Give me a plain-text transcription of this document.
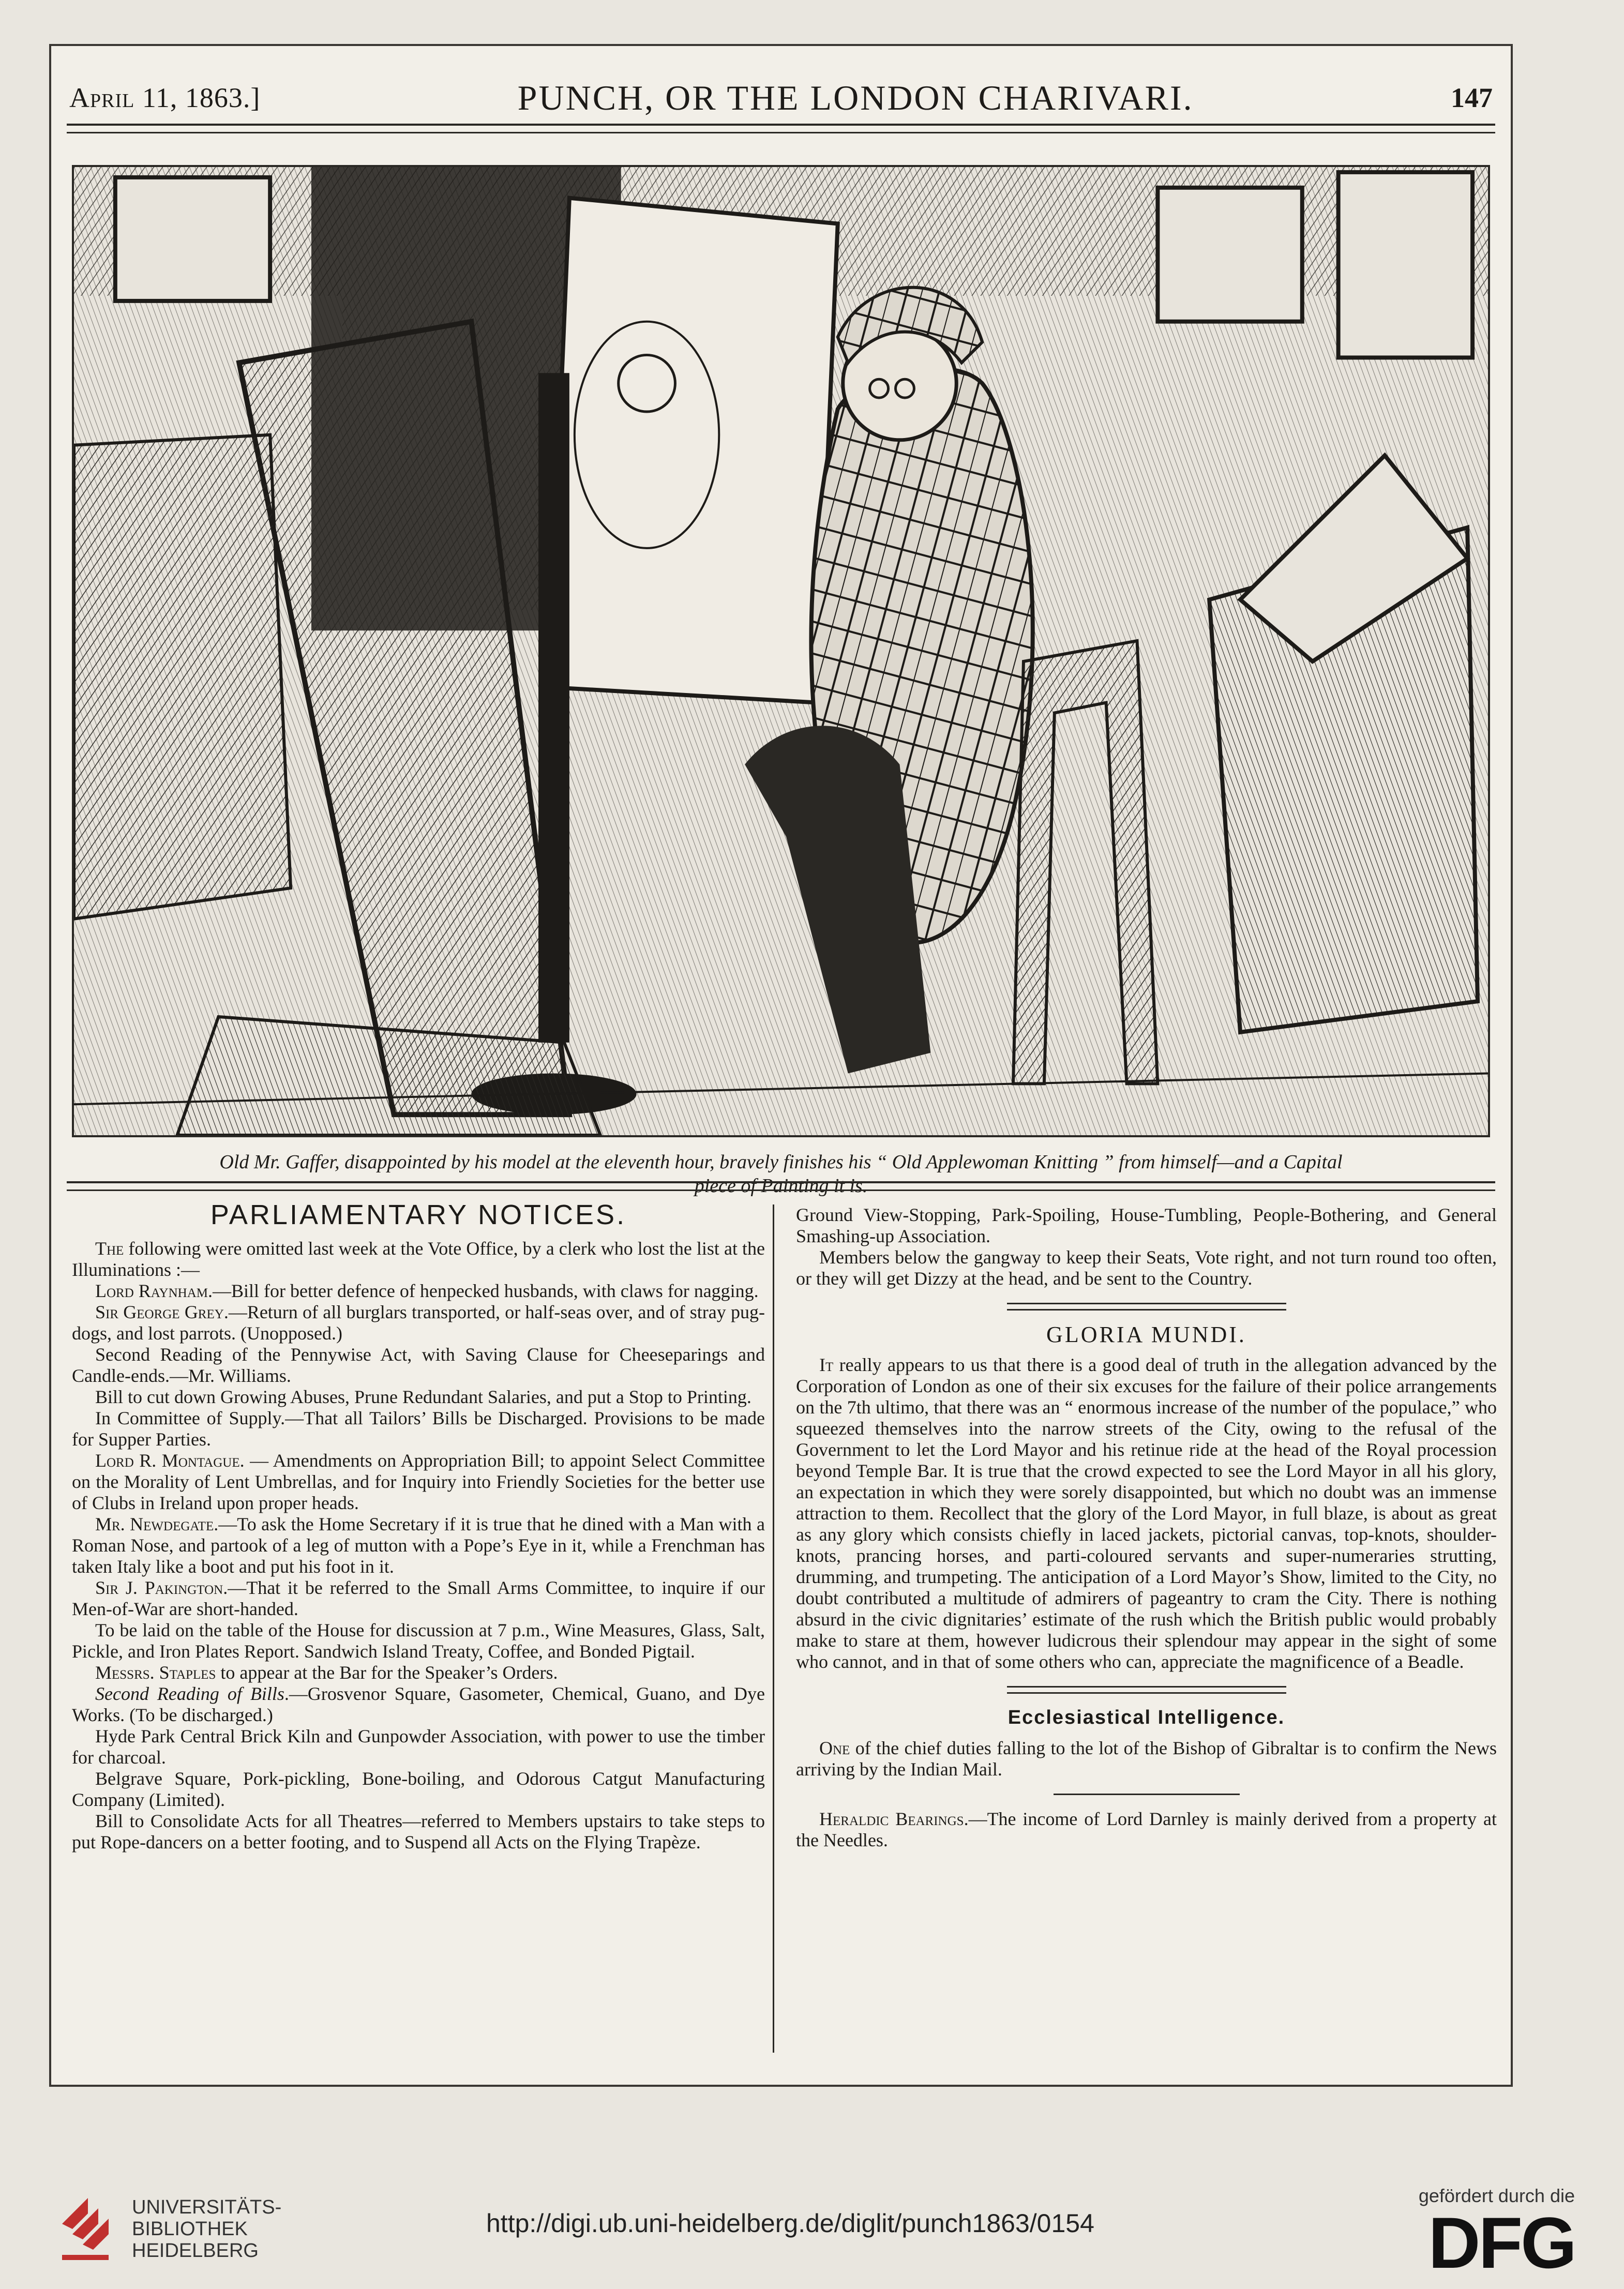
April 11, 1863.]	PUNCH, OR THE LONDON CHARIVARI.	147
Old Mr. Gaffer, disappointed by his model at the eleventh hour, bravely finishes his “ Old Applewoman Knitting ” from himself—and a Capital
piece of Painting it is.
PARLIAMENTARY NOTICES.

The following were omitted last week at the Vote Office, by a clerk who lost the list at the Illuminations :—

Lord Raynham.—Bill for better defence of henpecked husbands, with claws for nagging.

Sir George Grey.—Return of all burglars transported, or half-seas over, and of stray pug-dogs, and lost parrots. (Unopposed.)

Second Reading of the Pennywise Act, with Saving Clause for Cheeseparings and Candle-ends.—Mr. Williams.

Bill to cut down Growing Abuses, Prune Redundant Salaries, and put a Stop to Printing.

In Committee of Supply.—That all Tailors’ Bills be Discharged. Provisions to be made for Supper Parties.

Lord R. Montague. — Amendments on Appropriation Bill; to appoint Select Committee on the Morality of Lent Umbrellas, and for Inquiry into Friendly Societies for the better use of Clubs in Ireland upon proper heads.

Mr. Newdegate.—To ask the Home Secretary if it is true that he dined with a Man with a Roman Nose, and partook of a leg of mutton with a Pope’s Eye in it, while a Frenchman has taken Italy like a boot and put his foot in it.

Sir J. Pakington.—That it be referred to the Small Arms Committee, to inquire if our Men-of-War are short-handed.

To be laid on the table of the House for discussion at 7 p.m., Wine Measures, Glass, Salt, Pickle, and Iron Plates Report. Sandwich Island Treaty, Coffee, and Bonded Pigtail.

Messrs. Staples to appear at the Bar for the Speaker’s Orders.

Second Reading of Bills.—Grosvenor Square, Gasometer, Chemical, Guano, and Dye Works. (To be discharged.)

Hyde Park Central Brick Kiln and Gunpowder Association, with power to use the timber for charcoal.

Belgrave Square, Pork-pickling, Bone-boiling, and Odorous Catgut Manufacturing Company (Limited).

Bill to Consolidate Acts for all Theatres—referred to Members upstairs to take steps to put Rope-dancers on a better footing, and to Suspend all Acts on the Flying Trapèze.

Ground View-Stopping, Park-Spoiling, House-Tumbling, People-Bothering, and General Smashing-up Association.

Members below the gangway to keep their Seats, Vote right, and not turn round too often, or they will get Dizzy at the head, and be sent to the Country.

GLORIA MUNDI.

It really appears to us that there is a good deal of truth in the allegation advanced by the Corporation of London as one of their six excuses for the failure of their police arrangements on the 7th ultimo, that there was an “ enormous increase of the number of the populace,” who squeezed themselves into the narrow streets of the City, owing to the refusal of the Government to let the Lord Mayor and his retinue ride at the head of the Royal procession beyond Temple Bar. It is true that the crowd expected to see the Lord Mayor in all his glory, an expectation in which they were sorely disappointed, but which no doubt was an immense attraction to them. Recollect that the glory of the Lord Mayor, in full blaze, is about as great as any glory which consists chiefly in laced jackets, pictorial canvas, top-knots, shoulder-knots, prancing horses, and parti-coloured servants and super-numeraries strutting, drumming, and trumpeting. The anticipation of a Lord Mayor’s Show, limited to the City, no doubt contributed a multitude of admirers of pageantry to cram the City. There is nothing absurd in the civic dignitaries’ estimate of the rush which the British public would probably make to stare at them, however ludicrous their splendour may appear in the sight of some who cannot, and in that of some others who can, appreciate the magnificence of a Beadle.

Ecclesiastical Intelligence.

One of the chief duties falling to the lot of the Bishop of Gibraltar is to confirm the News arriving by the Indian Mail.

Heraldic Bearings.—The income of Lord Darnley is mainly derived from a property at the Needles.

UNIVERSITÄTS-
BIBLIOTHEK
HEIDELBERG
http://digi.ub.uni-heidelberg.de/diglit/punch1863/0154
gefördert durch die
DFG
